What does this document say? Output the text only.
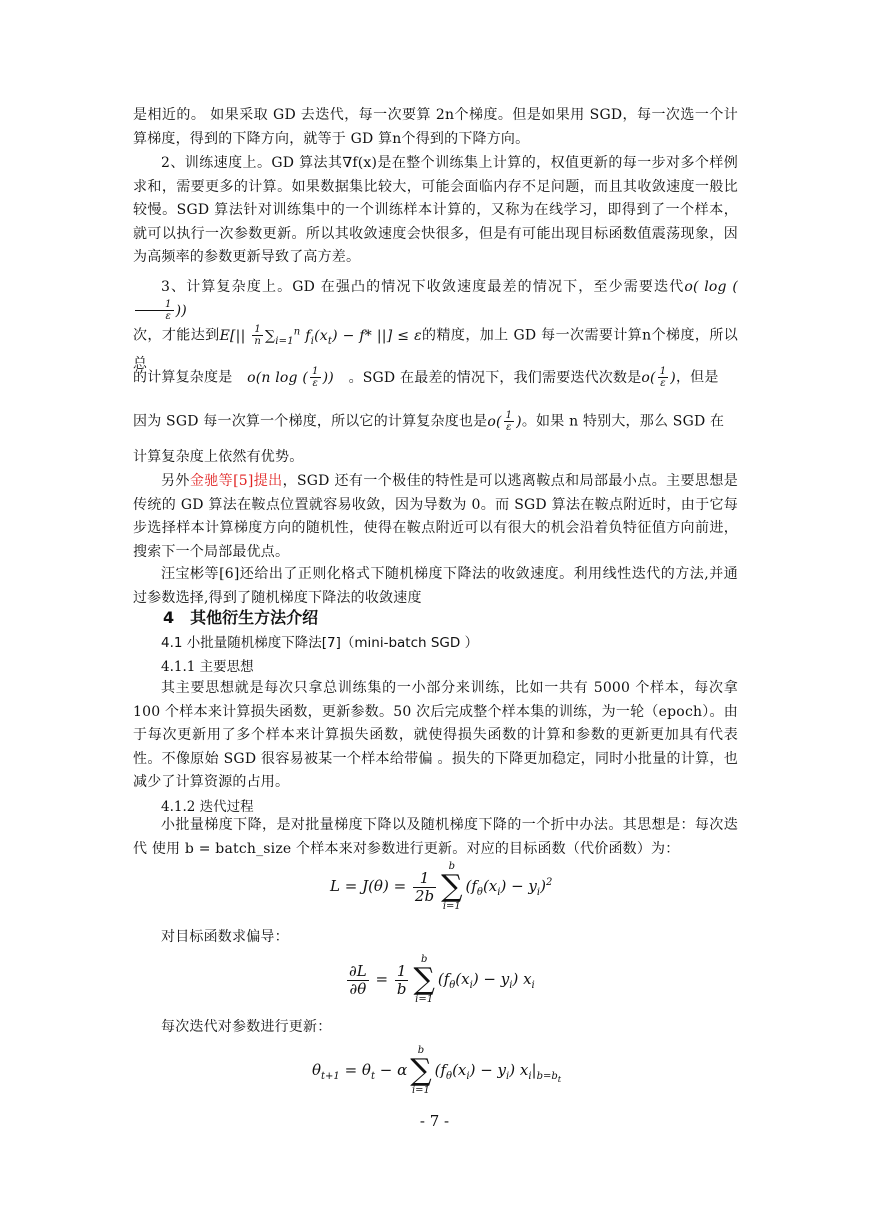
是相近的。 如果采取 GD 去迭代，每一次要算 2n个梯度。但是如果用 SGD，每一次选一个计算梯度，得到的下降方向，就等于 GD 算n个得到的下降方向。
2、训练速度上。GD 算法其∇f(x)是在整个训练集上计算的，权值更新的每一步对多个样例求和，需要更多的计算。如果数据集比较大，可能会面临内存不足问题，而且其收敛速度一般比较慢。SGD 算法针对训练集中的一个训练样本计算的，又称为在线学习，即得到了一个样本，就可以执行一次参数更新。所以其收敛速度会快很多，但是有可能出现目标函数值震荡现象，因为高频率的参数更新导致了高方差。
3、计算复杂度上。GD 在强凸的情况下收敛速度最差的情况下，至少需要迭代o( log (
$\frac{1}{\varepsilon}$ ))
次，才能达到$E[|| \frac{1}{n} \sum_{i=1}^n$ $f_i(x_t) - f*$ ||] ≤ ε的精度，加上 GD 每一次需要计算n个梯度，所以总
的计算复杂度是 o(n log ( $\frac{1}{\varepsilon}$ )) 。SGD 在最差的情况下，我们需要迭代次数是$o( \frac{1}{\varepsilon}$ )，但是
因为 SGD 每一次算一个梯度，所以它的计算复杂度也是$o( \frac{1}{\varepsilon}$ )。如果 n 特别大，那么 SGD 在
计算复杂度上依然有优势。
另外金驰等[5]提出，SGD 还有一个极佳的特性是可以逃离鞍点和局部最小点。主要思想是传统的 GD 算法在鞍点位置就容易收敛，因为导数为 0。而 SGD 算法在鞍点附近时，由于它每步选择样本计算梯度方向的随机性，使得在鞍点附近可以有很大的机会沿着负特征值方向前进，搜索下一个局部最优点。
汪宝彬等[6]还给出了正则化格式下随机梯度下降法的收敛速度。利用线性迭代的方法,并通过参数选择,得到了随机梯度下降法的收敛速度
4　其他衍生方法介绍
4.1 小批量随机梯度下降法[7]（mini-batch SGD ）
4.1.1 主要思想
其主要思想就是每次只拿总训练集的一小部分来训练，比如一共有 5000 个样本，每次拿 100 个样本来计算损失函数，更新参数。50 次后完成整个样本集的训练，为一轮（epoch）。由于每次更新用了多个样本来计算损失函数，就使得损失函数的计算和参数的更新更加具有代表性。不像原始 SGD 很容易被某一个样本给带偏 。损失的下降更加稳定，同时小批量的计算，也减少了计算资源的占用。
4.1.2 迭代过程
小批量梯度下降，是对批量梯度下降以及随机梯度下降的一个折中办法。其思想是：每次迭代 使用 b = batch_size 个样本来对参数进行更新。对应的目标函数（代价函数）为：
$L = J(\theta) = \frac{1}{2b}$
b
∑
i=1
$(f_\theta(x_i) - y_i)^2$
对目标函数求偏导：
$\frac{\partial L}{\partial\theta} = \frac{1}{b}$
b
∑
i=1
$(f_\theta(x_i) - y_i)$ $x_i$
每次迭代对参数进行更新：
$\theta_{t+1} = \theta_t - \alpha$
b
∑
i=1
$(f_\theta(x_i) - y_i)$ $x_i|_{b=b_t}$
- 7 -
